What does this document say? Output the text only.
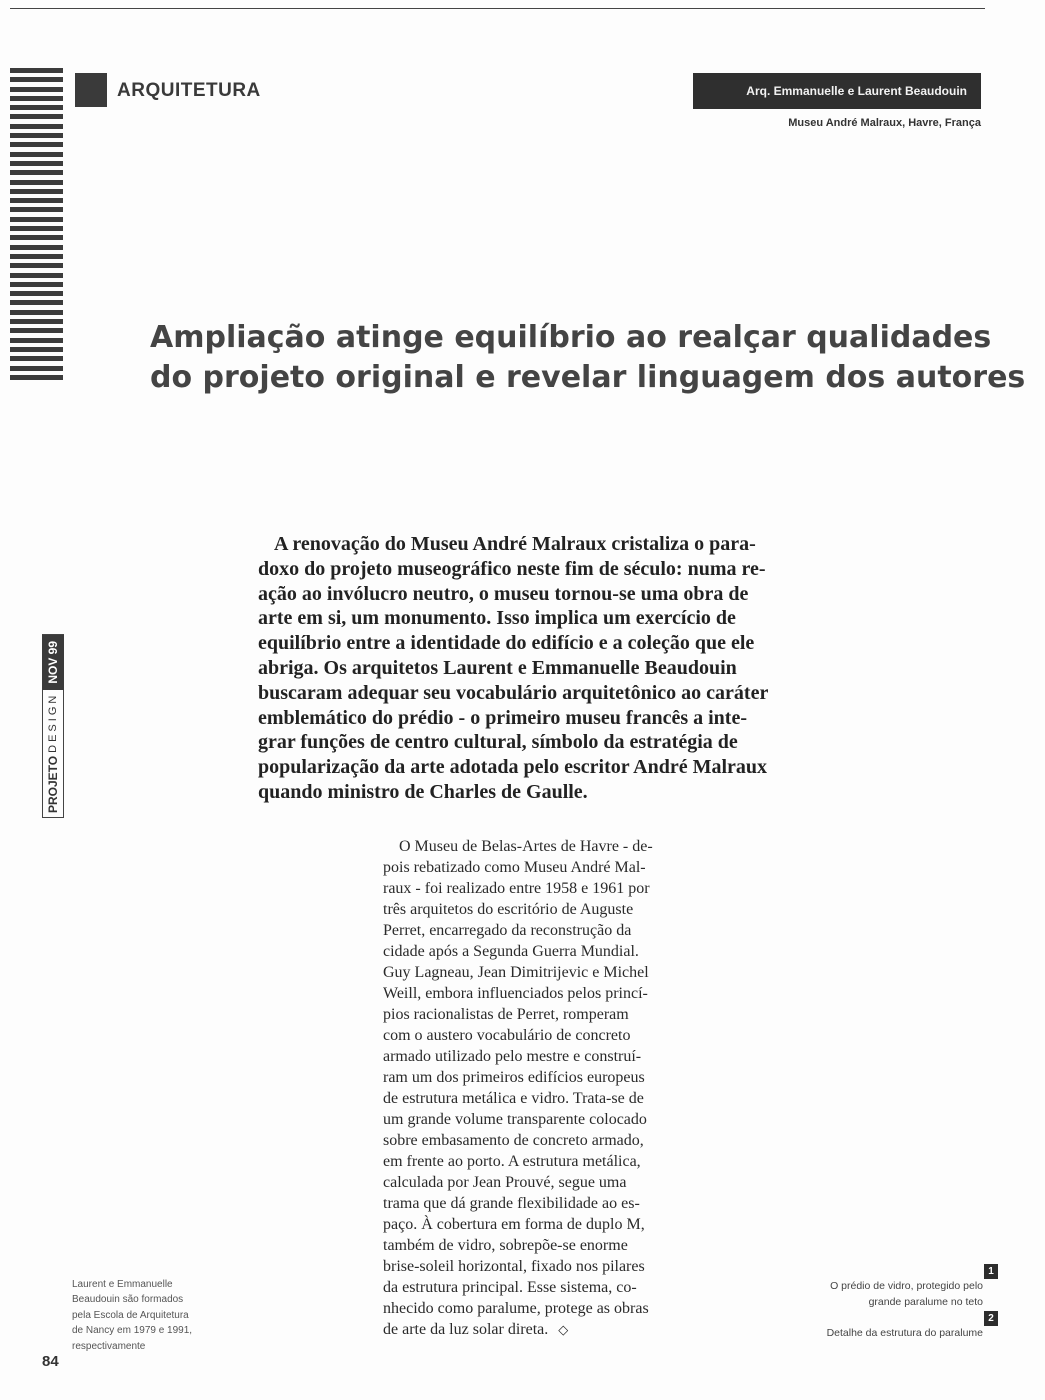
ARQUITETURA	Arq. Emmanuelle e Laurent Beaudouin
Museu André Malraux, Havre, França
Ampliação atinge equilíbrio ao realçar qualidades
do projeto original e revelar linguagem dos autores
A renovação do Museu André Malraux cristaliza o para-
doxo do projeto museográfico neste fim de século: numa re-
ação ao invólucro neutro, o museu tornou-se uma obra de
arte em si, um monumento. Isso implica um exercício de
equilíbrio entre a identidade do edifício e a coleção que ele
abriga. Os arquitetos Laurent e Emmanuelle Beaudouin
buscaram adequar seu vocabulário arquitetônico ao caráter
emblemático do prédio - o primeiro museu francês a inte-
grar funções de centro cultural, símbolo da estratégia de
popularização da arte adotada pelo escritor André Malraux
quando ministro de Charles de Gaulle.
O Museu de Belas-Artes de Havre - de-
pois rebatizado como Museu André Mal-
raux - foi realizado entre 1958 e 1961 por
três arquitetos do escritório de Auguste
Perret, encarregado da reconstrução da
cidade após a Segunda Guerra Mundial.
Guy Lagneau, Jean Dimitrijevic e Michel
Weill, embora influenciados pelos princí-
pios racionalistas de Perret, romperam
com o austero vocabulário de concreto
armado utilizado pelo mestre e construí-
ram um dos primeiros edifícios europeus
de estrutura metálica e vidro. Trata-se de
um grande volume transparente colocado
sobre embasamento de concreto armado,
em frente ao porto. A estrutura metálica,
calculada por Jean Prouvé, segue uma
trama que dá grande flexibilidade ao es-
paço. À cobertura em forma de duplo M,
também de vidro, sobrepõe-se enorme
brise-soleil horizontal, fixado nos pilares
da estrutura principal. Esse sistema, co-
nhecido como paralume, protege as obras
de arte da luz solar direta. ◇
PROJETO
DESIGN
NOV 99
Laurent e Emmanuelle
Beaudouin são formados
pela Escola de Arquitetura
de Nancy em 1979 e 1991,
respectivamente
84
1
O prédio de vidro, protegido pelo
grande paralume no teto
2
Detalhe da estrutura do paralume
